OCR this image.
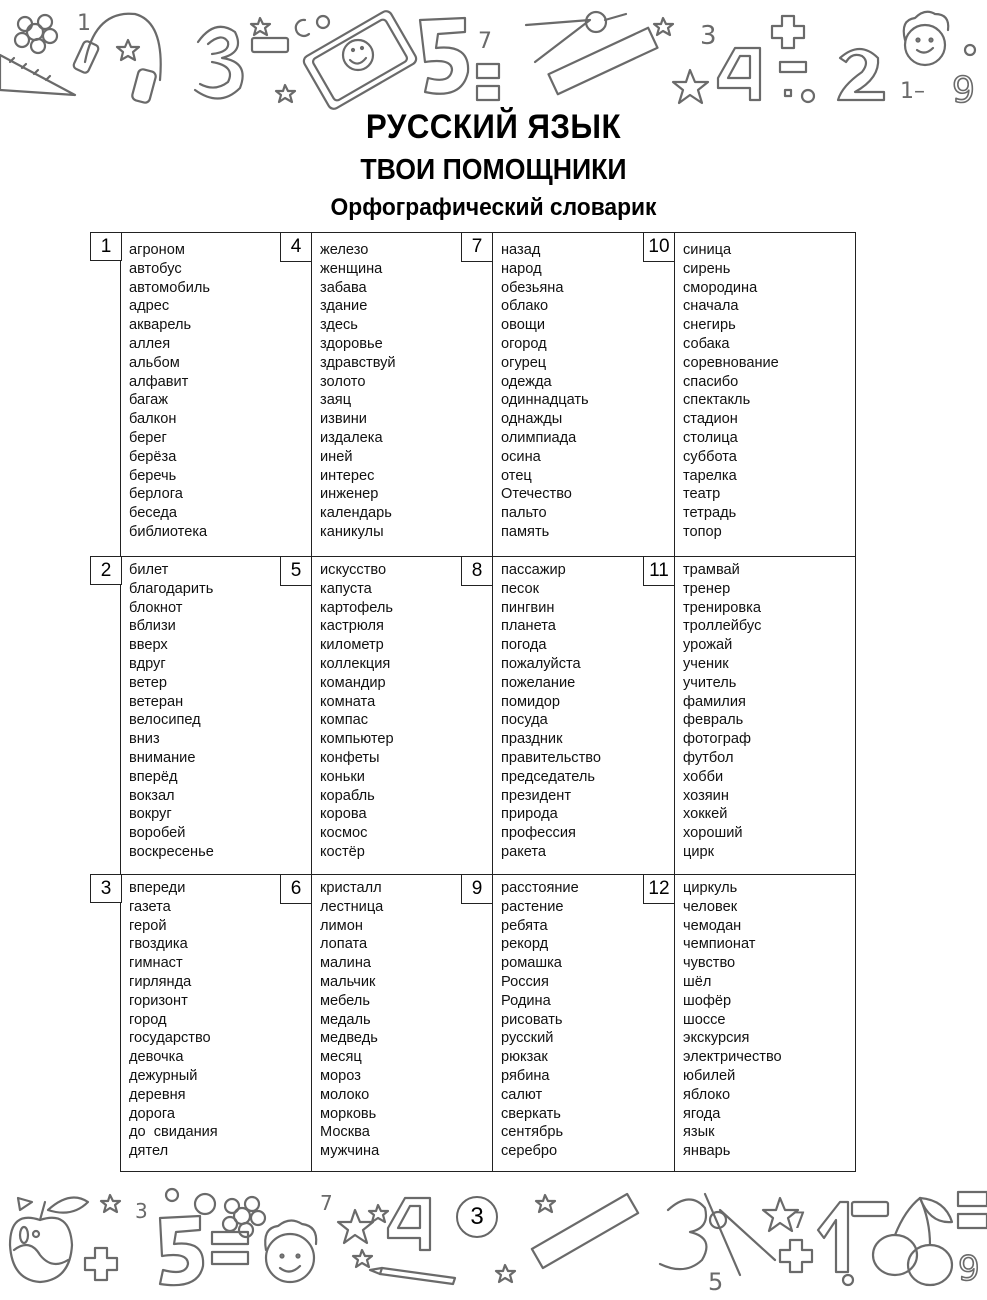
1
7	3
1– 9
РУССКИЙ ЯЗЫК
ТВОИ ПОМОЩНИКИ
Орфографический словарик
1
2
3
4
5
6
7
8
9
10
11
12
агроном
автобус
автомобиль
адрес
акварель
аллея
альбом
алфавит
багаж
балкон
берег
берёза
беречь
берлога
беседа
библиотека
билет
благодарить
блокнот
вблизи
вверх
вдруг
ветер
ветеран
велосипед
вниз
внимание
вперёд
вокзал
вокруг
воробей
воскресенье
впереди
газета
герой
гвоздика
гимнаст
гирлянда
горизонт
город
государство
девочка
дежурный
деревня
дорога
до  свидания
дятел
железо
женщина
забава
здание
здесь
здоровье
здравствуй
золото
заяц
извини
издалека
иней
интерес
инженер
календарь
каникулы
искусство
капуста
картофель
кастрюля
километр
коллекция
командир
комната
компас
компьютер
конфеты
коньки
корабль
корова
космос
костёр
кристалл
лестница
лимон
лопата
малина
мальчик
мебель
медаль
медведь
месяц
мороз
молоко
морковь
Москва
мужчина
назад
народ
обезьяна
облако
овощи
огород
огурец
одежда
одиннадцать
однажды
олимпиада
осина
отец
Отечество
пальто
память
пассажир
песок
пингвин
планета
погода
пожалуйста
пожелание
помидор
посуда
праздник
правительство
председатель
президент
природа
профессия
ракета
расстояние
растение
ребята
рекорд
ромашка
Россия
Родина
рисовать
русский
рюкзак
рябина
салют
сверкать
сентябрь
серебро
синица
сирень
смородина
сначала
снегирь
собака
соревнование
спасибо
спектакль
стадион
столица
суббота
тарелка
театр
тетрадь
топор
трамвай
тренер
тренировка
троллейбус
урожай
ученик
учитель
фамилия
февраль
фотограф
футбол
хобби
хозяин
хоккей
хороший
цирк
циркуль
человек
чемодан
чемпионат
чувство
шёл
шофёр
шоссе
экскурсия
электричество
юбилей
яблоко
ягода
язык
январь
3	7
5
7
9
3
